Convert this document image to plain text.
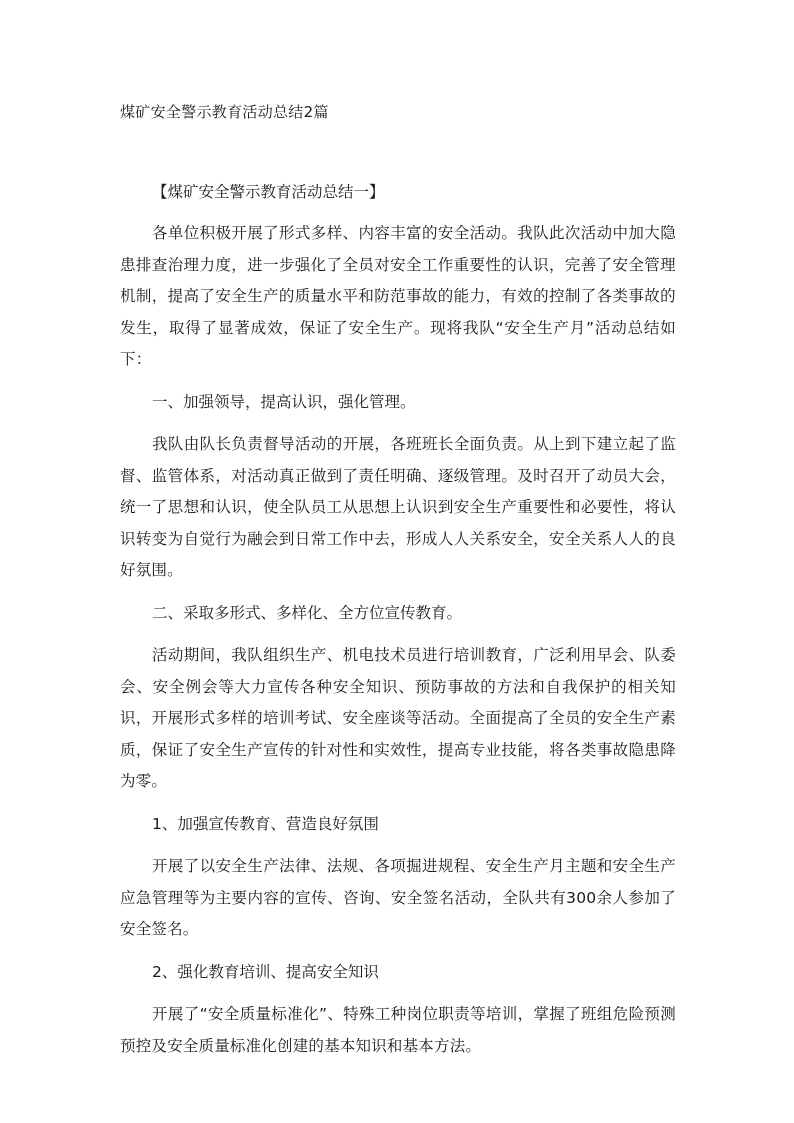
煤矿安全警示教育活动总结2篇
【煤矿安全警示教育活动总结一】

各单位积极开展了形式多样、内容丰富的安全活动。我队此次活动中加大隐患排查治理力度，进一步强化了全员对安全工作重要性的认识，完善了安全管理机制，提高了安全生产的质量水平和防范事故的能力，有效的控制了各类事故的发生，取得了显著成效，保证了安全生产。现将我队“安全生产月”活动总结如下：

一、加强领导，提高认识，强化管理。

我队由队长负责督导活动的开展，各班班长全面负责。从上到下建立起了监督、监管体系，对活动真正做到了责任明确、逐级管理。及时召开了动员大会，统一了思想和认识，使全队员工从思想上认识到安全生产重要性和必要性，将认识转变为自觉行为融会到日常工作中去，形成人人关系安全，安全关系人人的良好氛围。

二、采取多形式、多样化、全方位宣传教育。

活动期间，我队组织生产、机电技术员进行培训教育，广泛利用早会、队委会、安全例会等大力宣传各种安全知识、预防事故的方法和自我保护的相关知识，开展形式多样的培训考试、安全座谈等活动。全面提高了全员的安全生产素质，保证了安全生产宣传的针对性和实效性，提高专业技能，将各类事故隐患降为零。

1、加强宣传教育、营造良好氛围

开展了以安全生产法律、法规、各项掘进规程、安全生产月主题和安全生产应急管理等为主要内容的宣传、咨询、安全签名活动，全队共有300余人参加了安全签名。

2、强化教育培训、提高安全知识

开展了“安全质量标准化”、特殊工种岗位职责等培训，掌握了班组危险预测预控及安全质量标准化创建的基本知识和基本方法。
